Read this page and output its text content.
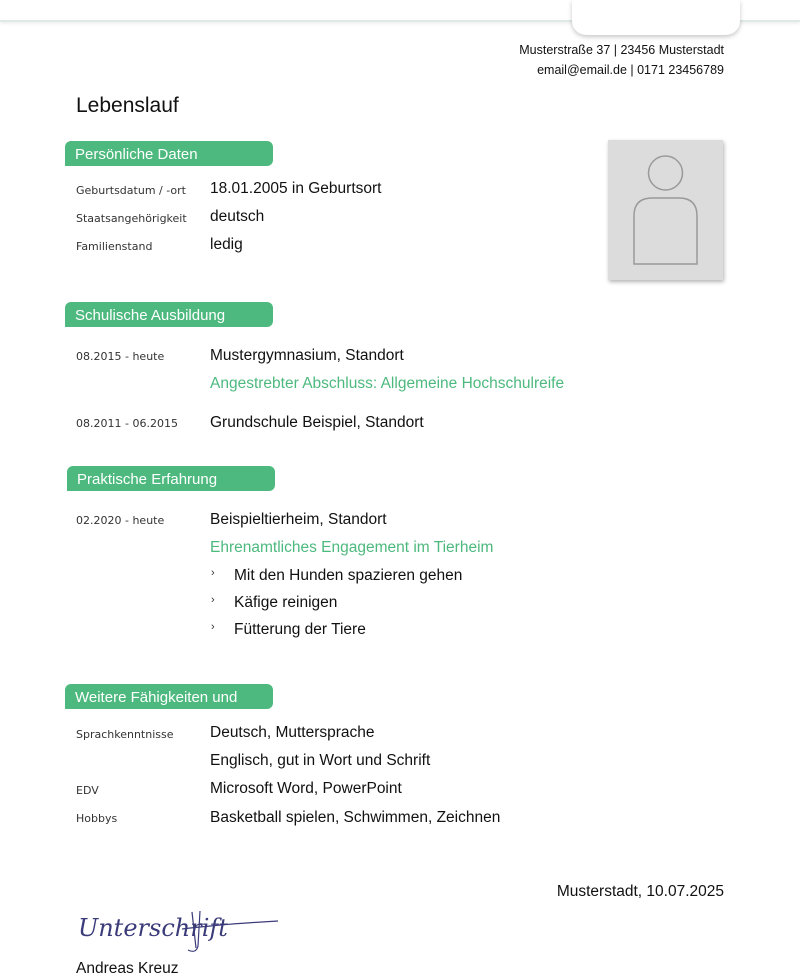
Musterstraße 37 | 23456 Musterstadt
email@email.de | 0171 23456789
Lebenslauf
Persönliche Daten
Geburtsdatum / -ort 18.01.2005 in Geburtsort
Staatsangehörigkeit deutsch
Familienstand	ledig
Schulische Ausbildung
08.2015 - heute	Mustergymnasium, Standort
Angestrebter Abschluss: Allgemeine Hochschulreife
08.2011 - 06.2015 Grundschule Beispiel, Standort
Praktische Erfahrung
02.2020 - heute	Beispieltierheim, Standort
Ehrenamtliches Engagement im Tierheim
› Mit den Hunden spazieren gehen
› Käfige reinigen
› Fütterung der Tiere
Weitere Fähigkeiten und
Sprachkenntnisse Deutsch, Muttersprache
Englisch, gut in Wort und Schrift
EDV	Microsoft Word, PowerPoint
Hobbys	Basketball spielen, Schwimmen, Zeichnen
Musterstadt, 10.07.2025
Unterschrift
Andreas Kreuz
